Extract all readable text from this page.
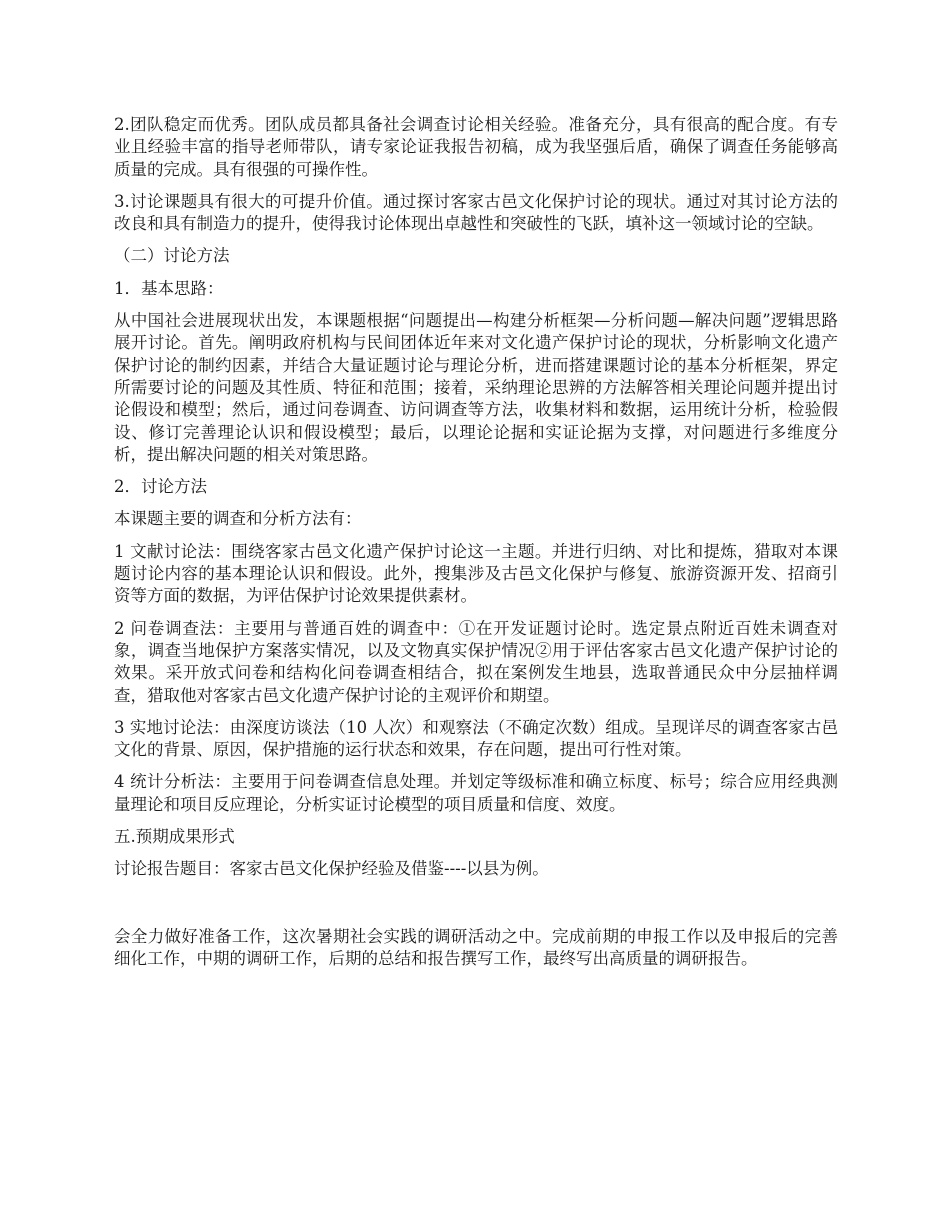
2.团队稳定而优秀。团队成员都具备社会调查讨论相关经验。准备充分，具有很高的配合度。有专业且经验丰富的指导老师带队，请专家论证我报告初稿，成为我坚强后盾，确保了调查任务能够高质量的完成。具有很强的可操作性。

3.讨论课题具有很大的可提升价值。通过探讨客家古邑文化保护讨论的现状。通过对其讨论方法的改良和具有制造力的提升，使得我讨论体现出卓越性和突破性的飞跃，填补这一领域讨论的空缺。

（二）讨论方法

1．基本思路：

从中国社会进展现状出发，本课题根据“问题提出—构建分析框架—分析问题—解决问题”逻辑思路展开讨论。首先。阐明政府机构与民间团体近年来对文化遗产保护讨论的现状，分析影响文化遗产保护讨论的制约因素，并结合大量证题讨论与理论分析，进而搭建课题讨论的基本分析框架，界定所需要讨论的问题及其性质、特征和范围；接着，采纳理论思辨的方法解答相关理论问题并提出讨论假设和模型；然后，通过问卷调查、访问调查等方法，收集材料和数据，运用统计分析，检验假设、修订完善理论认识和假设模型；最后，以理论论据和实证论据为支撑，对问题进行多维度分析，提出解决问题的相关对策思路。

2．讨论方法

本课题主要的调查和分析方法有：

1 文献讨论法：围绕客家古邑文化遗产保护讨论这一主题。并进行归纳、对比和提炼，猎取对本课题讨论内容的基本理论认识和假设。此外，搜集涉及古邑文化保护与修复、旅游资源开发、招商引资等方面的数据，为评估保护讨论效果提供素材。

2 问卷调查法：主要用与普通百姓的调查中：①在开发证题讨论时。选定景点附近百姓未调查对象，调查当地保护方案落实情况，以及文物真实保护情况②用于评估客家古邑文化遗产保护讨论的效果。采开放式问卷和结构化问卷调查相结合，拟在案例发生地县，选取普通民众中分层抽样调查，猎取他对客家古邑文化遗产保护讨论的主观评价和期望。

3 实地讨论法：由深度访谈法（10 人次）和观察法（不确定次数）组成。呈现详尽的调查客家古邑文化的背景、原因，保护措施的运行状态和效果，存在问题，提出可行性对策。

4 统计分析法：主要用于问卷调查信息处理。并划定等级标准和确立标度、标号；综合应用经典测量理论和项目反应理论，分析实证讨论模型的项目质量和信度、效度。

五.预期成果形式

讨论报告题目：客家古邑文化保护经验及借鉴----以县为例。

会全力做好准备工作，这次暑期社会实践的调研活动之中。完成前期的申报工作以及申报后的完善细化工作，中期的调研工作，后期的总结和报告撰写工作，最终写出高质量的调研报告。
